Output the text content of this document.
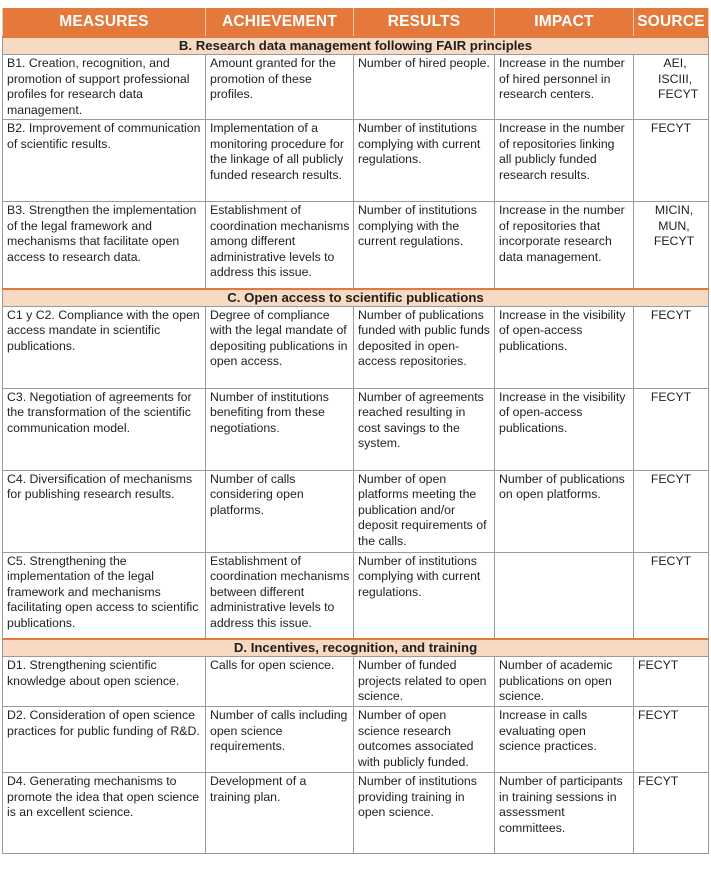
MEASURES	ACHIEVEMENT	RESULTS	IMPACT	SOURCE
B. Research data management following FAIR principles				
B1. Creation, recognition, and promotion of support professional profiles for research data management.	Amount granted for the promotion of these profiles.	Number of hired people.	Increase in the number of hired personnel in research centers.	AEI, ISCIII, FECYT
B2. Improvement of communication of scientific results.	Implementation of a monitoring procedure for the linkage of all publicly funded research results.	Number of institutions complying with current regulations.	Increase in the number of repositories linking all publicly funded research results.	FECYT
B3. Strengthen the implementation of the legal framework and mechanisms that facilitate open access to research data.	Establishment of coordination mechanisms among different administrative levels to address this issue.	Number of institutions complying with the current regulations.	Increase in the number of repositories that incorporate research data management.	MICIN, MUN, FECYT
C. Open access to scientific publications				
C1 y C2. Compliance with the open access mandate in scientific publications.	Degree of compliance with the legal mandate of depositing publications in open access.	Number of publications funded with public funds deposited in open-access repositories.	Increase in the visibility of open-access publications.	FECYT
C3. Negotiation of agreements for the transformation of the scientific communication model.	Number of institutions benefiting from these negotiations.	Number of agreements reached resulting in cost savings to the system.	Increase in the visibility of open-access publications.	FECYT
C4. Diversification of mechanisms for publishing research results.	Number of calls considering open platforms.	Number of open platforms meeting the publication and/or deposit requirements of the calls.	Number of publications on open platforms.	FECYT
C5. Strengthening the implementation of the legal framework and mechanisms facilitating open access to scientific publications.	Establishment of coordination mechanisms between different administrative levels to address this issue.	Number of institutions complying with current regulations.		FECYT
D. Incentives, recognition, and training				
D1. Strengthening scientific knowledge about open science.	Calls for open science.	Number of funded projects related to open science.	Number of academic publications on open science.	FECYT
D2. Consideration of open science practices for public funding of R&D.	Number of calls including open science requirements.	Number of open science research outcomes associated with publicly funded.	Increase in calls evaluating open science practices.	FECYT
D4. Generating mechanisms to promote the idea that open science is an excellent science.	Development of a training plan.	Number of institutions providing training in open science.	Number of participants in training sessions in assessment committees.	FECYT
